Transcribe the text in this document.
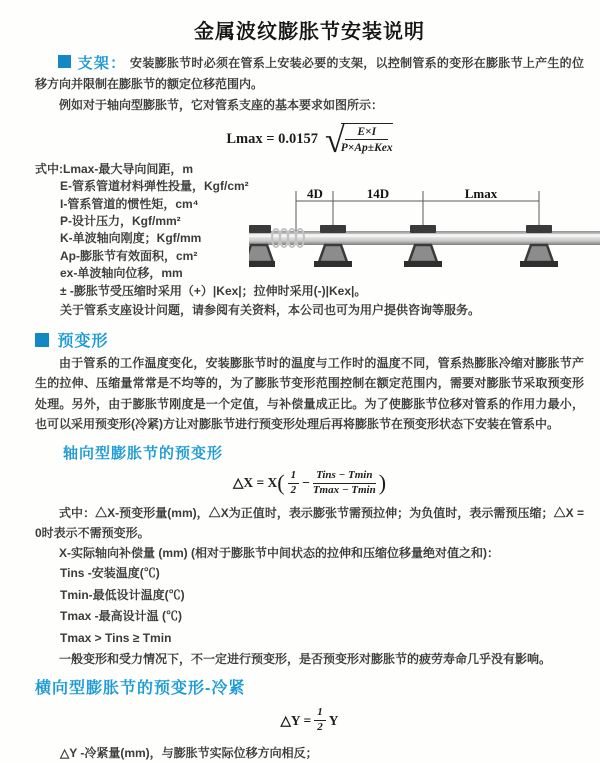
金属波纹膨胀节安装说明

支架： 安装膨胀节时必须在管系上安装必要的支架，以控制管系的变形在膨胀节上产生的位移方向并限制在膨胀节的额定位移范围内。

例如对于轴向型膨胀节，它对管系支座的基本要求如图所示：

Lmax = 0.0157 √
$\frac{E\times I}{\text{P×Ap±Kex}}$
式中:Lmax-最大导向间距，m
E-管系管道材料弹性投量，Kgf/cm²
I-管系管道的惯性矩，cm⁴
P-设计压力，Kgf/mm²
K-单波轴向刚度；Kgf/mm
Ap-膨胀节有效面积，cm²
ex-单波轴向位移，mm
4D	14D	Lmax

± -膨胀节受压缩时采用（+）|Kex|；拉伸时采用(-)|Kex|。

关于管系支座设计问题，请参阅有关资料，本公司也可为用户提供咨询等服务。

预变形

由于管系的工作温度变化，安装膨胀节时的温度与工作时的温度不同，管系热膨胀冷缩对膨胀节产生的拉伸、压缩量常常是不均等的，为了膨胀节变形范围控制在额定范围内，需要对膨胀节采取预变形处理。另外，由于膨胀节刚度是一个定值，与补偿量成正比。为了使膨胀节位移对管系的作用力最小，也可以采用预变形(冷紧)方让对膨胀节进行预变形处理后再将膨胀节在预变形状态下安装在管系中。

轴向型膨胀节的预变形

△X = X ( $\frac{1}{2}$ −
Tins − Tmin
Tmax − Tmin )

式中：△X-预变形量(mm)，△X为正值时，表示膨张节需预拉伸；为负值时，表示需预压缩；△X = 0时表示不需预变形。

X-实际轴向补偿量 (mm) (相对于膨胀节中间状态的拉伸和压缩位移量绝对值之和)：

Tins -安装温度(℃)
Tmin-最低设计温度(℃)
Tmax -最高设计温 (℃)
Tmax > Tins ≥ Tmin

一般变形和受力情况下，不一定进行预变形，是否预变形对膨胀节的疲劳寿命几乎没有影响。

横向型膨胀节的预变形-冷紧

△Y = $\frac{1}{2}$ Y

△Y -冷紧量(mm)，与膨胀节实际位移方向相反；
